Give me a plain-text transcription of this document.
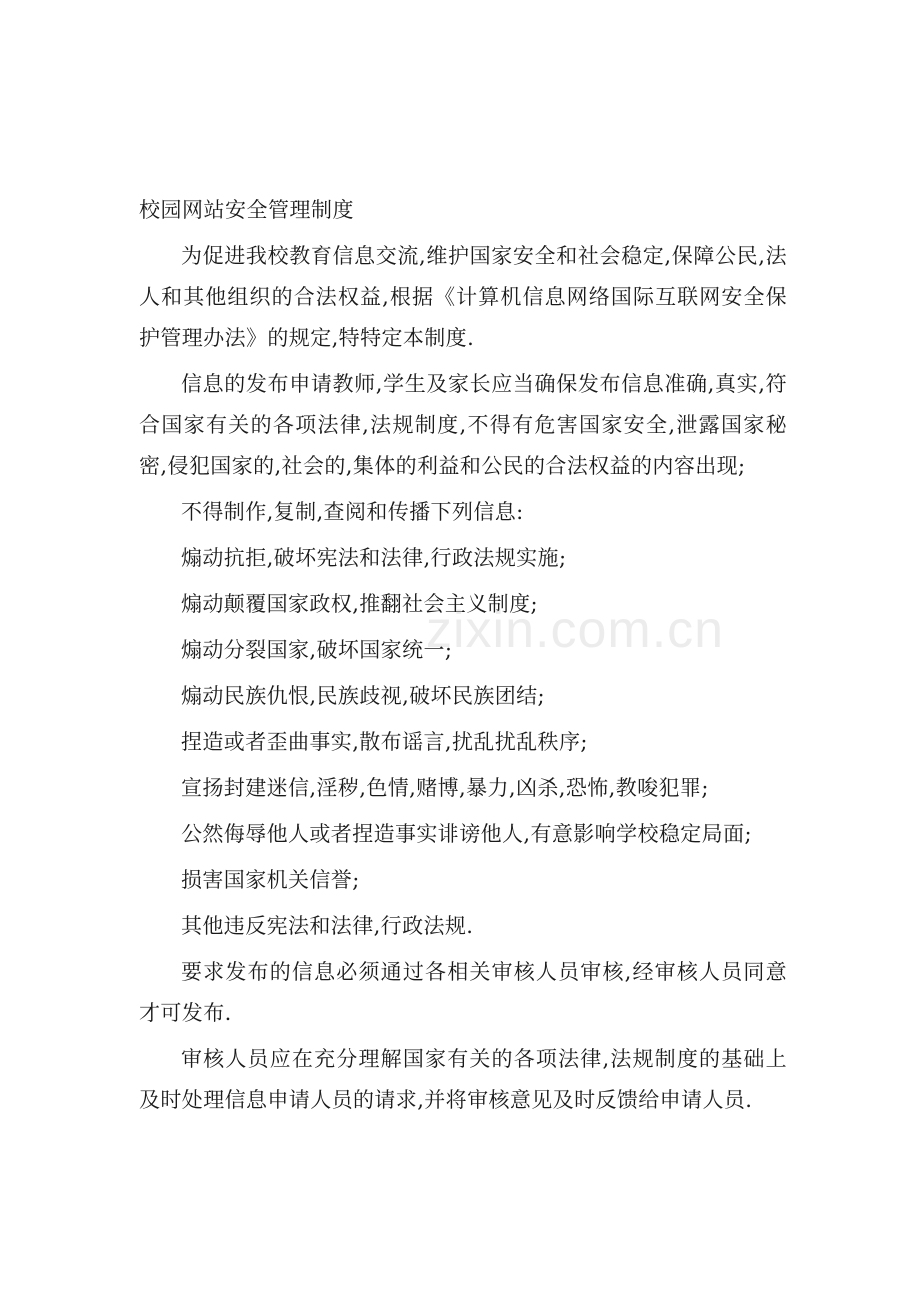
校园网站安全管理制度

为促进我校教育信息交流,维护国家安全和社会稳定,保障公民,法人和其他组织的合法权益,根据《计算机信息网络国际互联网安全保护管理办法》的规定,特特定本制度.

信息的发布申请教师,学生及家长应当确保发布信息准确,真实,符合国家有关的各项法律,法规制度,不得有危害国家安全,泄露国家秘密,侵犯国家的,社会的,集体的利益和公民的合法权益的内容出现;

不得制作,复制,查阅和传播下列信息:

煽动抗拒,破坏宪法和法律,行政法规实施;

煽动颠覆国家政权,推翻社会主义制度;

煽动分裂国家,破坏国家统一;

煽动民族仇恨,民族歧视,破坏民族团结;

捏造或者歪曲事实,散布谣言,扰乱扰乱秩序;

宣扬封建迷信,淫秽,色情,赌博,暴力,凶杀,恐怖,教唆犯罪;

公然侮辱他人或者捏造事实诽谤他人,有意影响学校稳定局面;

损害国家机关信誉;

其他违反宪法和法律,行政法规.

要求发布的信息必须通过各相关审核人员审核,经审核人员同意才可发布.

审核人员应在充分理解国家有关的各项法律,法规制度的基础上及时处理信息申请人员的请求,并将审核意见及时反馈给申请人员.

zixin.com.cn
